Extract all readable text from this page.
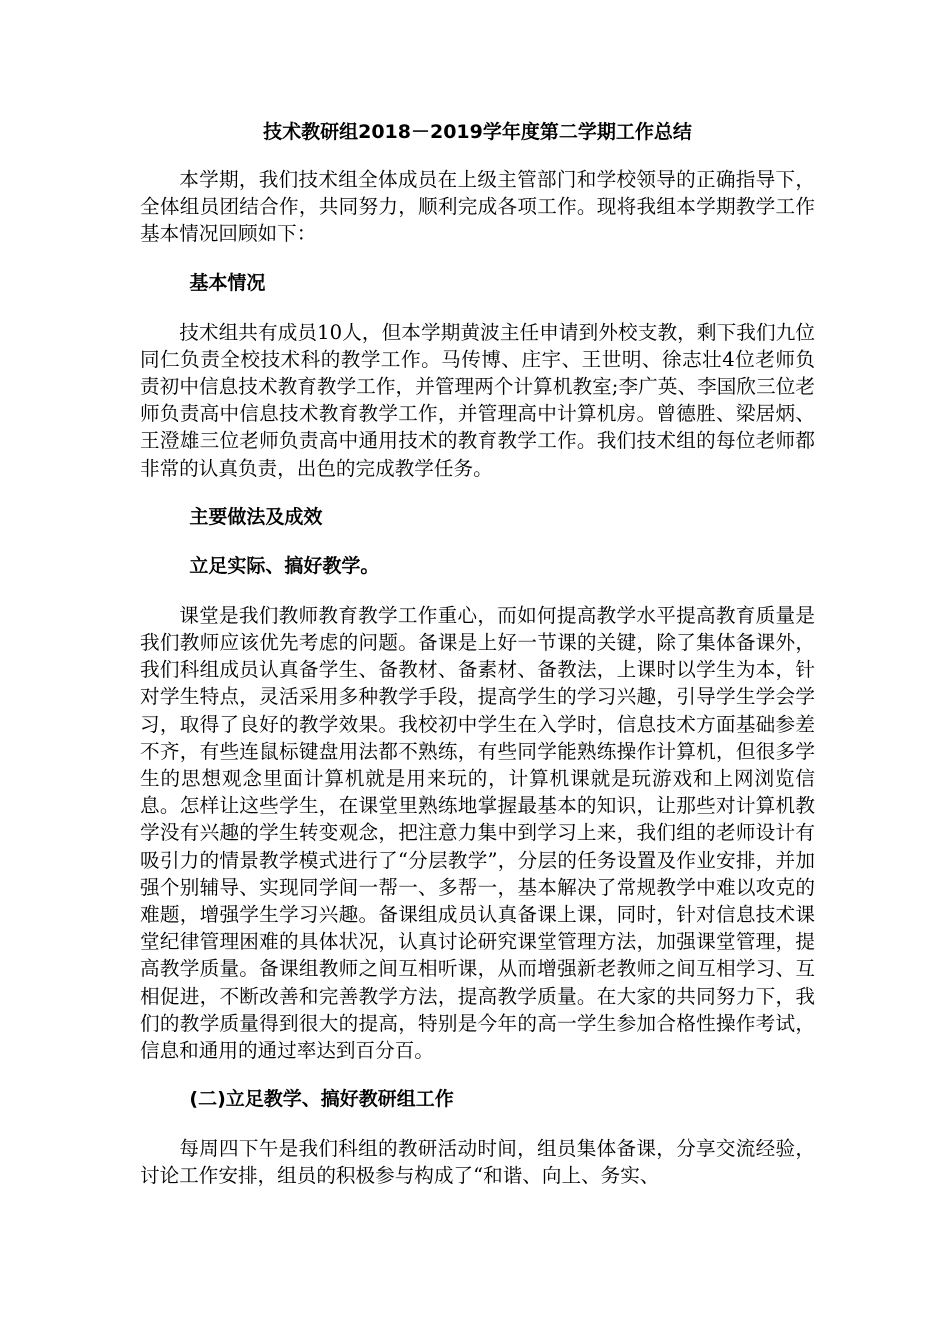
技术教研组2018－2019学年度第二学期工作总结

本学期，我们技术组全体成员在上级主管部门和学校领导的正确指导下，全体组员团结合作，共同努力，顺利完成各项工作。现将我组本学期教学工作基本情况回顾如下：

基本情况

技术组共有成员10人，但本学期黄波主任申请到外校支教，剩下我们九位同仁负责全校技术科的教学工作。马传博、庄宇、王世明、徐志壮4位老师负责初中信息技术教育教学工作，并管理两个计算机教室;李广英、李国欣三位老师负责高中信息技术教育教学工作，并管理高中计算机房。曾德胜、梁居炳、王澄雄三位老师负责高中通用技术的教育教学工作。我们技术组的每位老师都非常的认真负责，出色的完成教学任务。

主要做法及成效
立足实际、搞好教学。

课堂是我们教师教育教学工作重心，而如何提高教学水平提高教育质量是我们教师应该优先考虑的问题。备课是上好一节课的关键，除了集体备课外，我们科组成员认真备学生、备教材、备素材、备教法，上课时以学生为本，针对学生特点，灵活采用多种教学手段，提高学生的学习兴趣，引导学生学会学习，取得了良好的教学效果。我校初中学生在入学时，信息技术方面基础参差不齐，有些连鼠标键盘用法都不熟练，有些同学能熟练操作计算机，但很多学生的思想观念里面计算机就是用来玩的，计算机课就是玩游戏和上网浏览信息。怎样让这些学生，在课堂里熟练地掌握最基本的知识，让那些对计算机教学没有兴趣的学生转变观念，把注意力集中到学习上来，我们组的老师设计有吸引力的情景教学模式进行了“分层教学”，分层的任务设置及作业安排，并加强个别辅导、实现同学间一帮一、多帮一，基本解决了常规教学中难以攻克的难题，增强学生学习兴趣。备课组成员认真备课上课，同时，针对信息技术课堂纪律管理困难的具体状况，认真讨论研究课堂管理方法，加强课堂管理，提高教学质量。备课组教师之间互相听课，从而增强新老教师之间互相学习、互相促进，不断改善和完善教学方法，提高教学质量。在大家的共同努力下，我们的教学质量得到很大的提高，特别是今年的高一学生参加合格性操作考试，信息和通用的通过率达到百分百。

(二)立足教学、搞好教研组工作

每周四下午是我们科组的教研活动时间，组员集体备课，分享交流经验，讨论工作安排，组员的积极参与构成了“和谐、向上、务实、
